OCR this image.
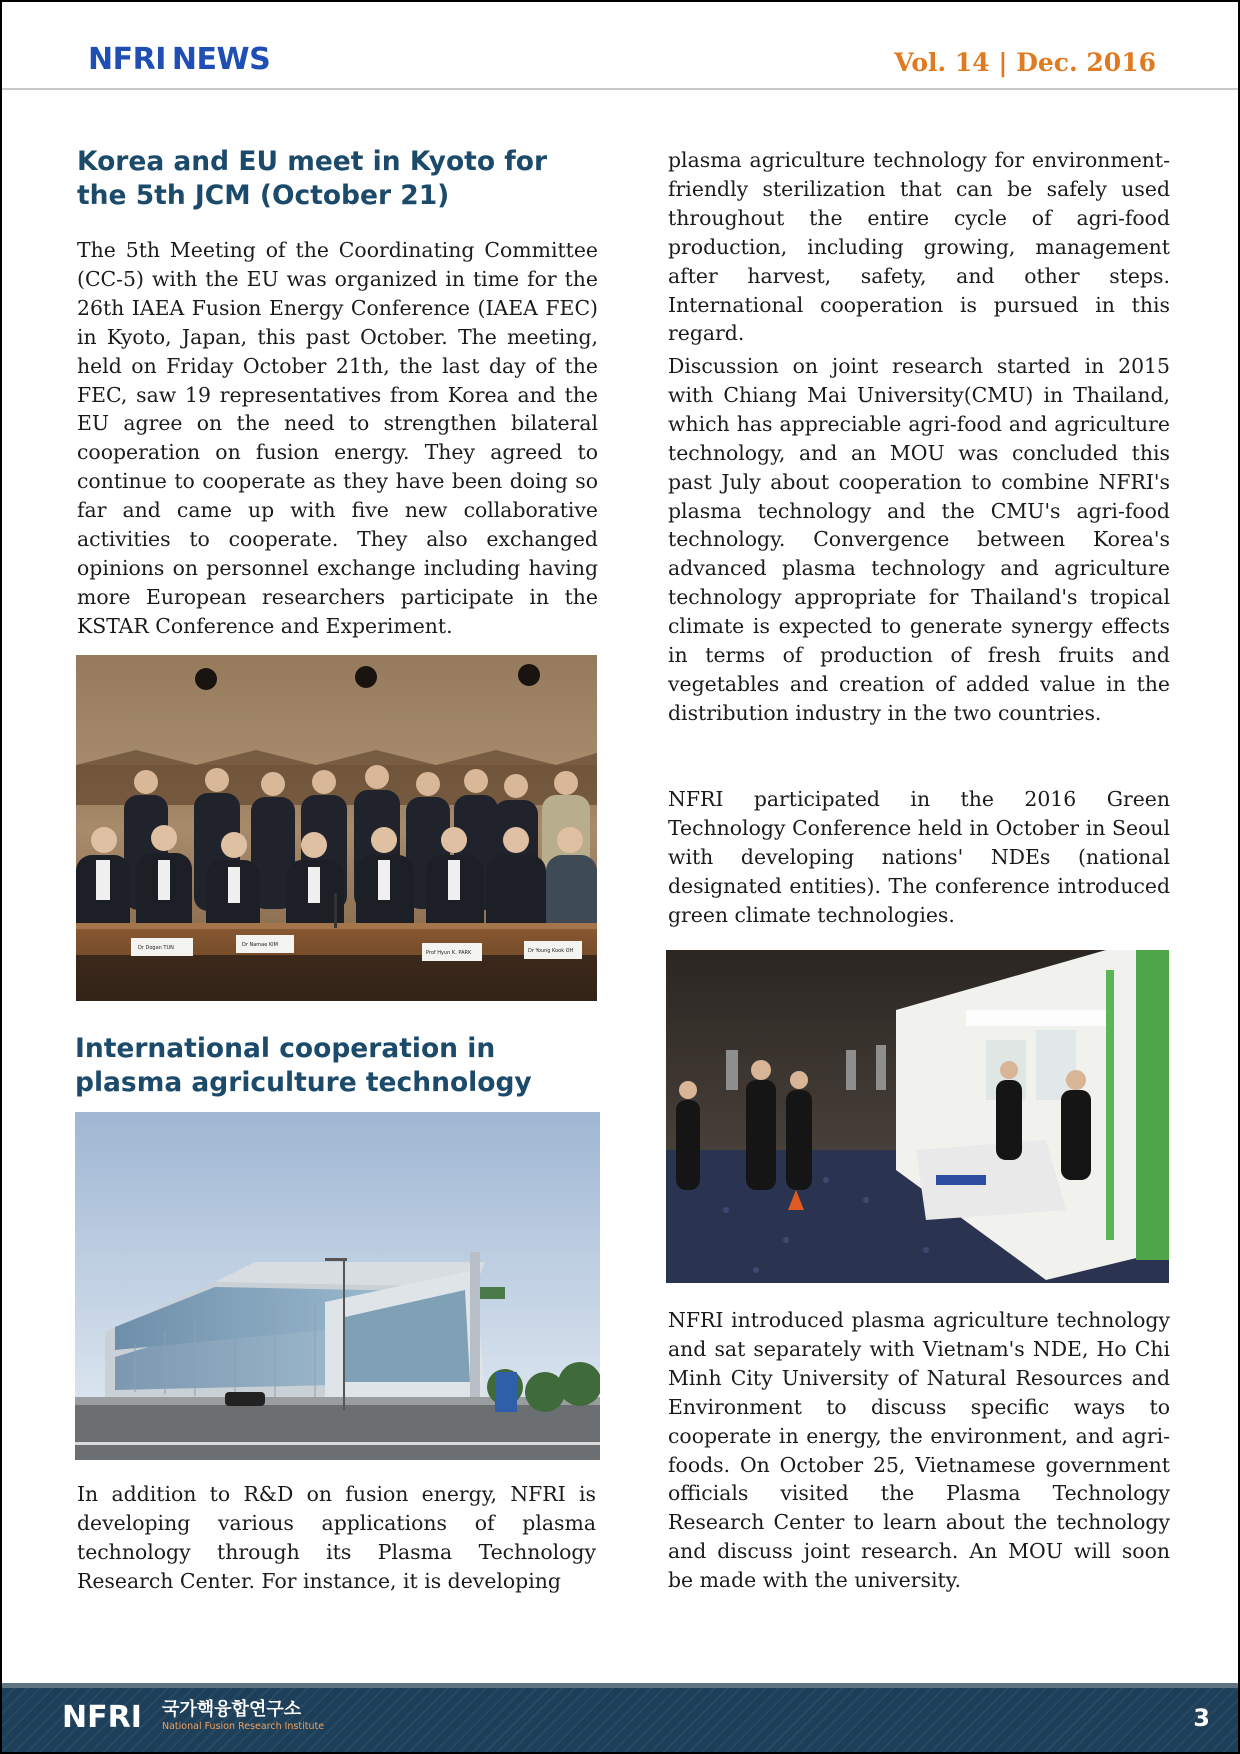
NFRI NEWS	Vol. 14 | Dec. 2016
Korea and EU meet in Kyoto for the 5th JCM (October 21)

The 5th Meeting of the Coordinating Committee (CC-5) with the EU was organized in time for the 26th IAEA Fusion Energy Conference (IAEA FEC) in Kyoto, Japan, this past October. The meeting, held on Friday October 21th, the last day of the FEC, saw 19 representatives from Korea and the EU agree on the need to strengthen bilateral cooperation on fusion energy. They agreed to continue to cooperate as they have been doing so far and came up with five new collaborative activities to cooperate. They also exchanged opinions on personnel exchange including having more European researchers participate in the KSTAR Conference and Experiment.

Dr Dogan TUN	Dr Namae KIM
Prof Hyun K. PARK	Dr Young Kook OH
International cooperation in plasma agriculture technology

In addition to R&D on fusion energy, NFRI is developing various applications of plasma technology through its Plasma Technology Research Center. For instance, it is developing

plasma agriculture technology for environment-friendly sterilization that can be safely used throughout the entire cycle of agri-food production, including growing, management after harvest, safety, and other steps. International cooperation is pursued in this regard.

Discussion on joint research started in 2015 with Chiang Mai University(CMU) in Thailand, which has appreciable agri-food and agriculture technology, and an MOU was concluded this past July about cooperation to combine NFRI's plasma technology and the CMU's agri-food technology. Convergence between Korea's advanced plasma technology and agriculture technology appropriate for Thailand's tropical climate is expected to generate synergy effects in terms of production of fresh fruits and vegetables and creation of added value in the distribution industry in the two countries.

NFRI participated in the 2016 Green Technology Conference held in October in Seoul with developing nations' NDEs (national designated entities). The conference introduced green climate technologies.

NFRI introduced plasma agriculture technology and sat separately with Vietnam's NDE, Ho Chi Minh City University of Natural Resources and Environment to discuss specific ways to cooperate in energy, the environment, and agri-foods. On October 25, Vietnamese government officials visited the Plasma Technology Research Center to learn about the technology and discuss joint research. An MOU will soon be made with the university.

NFRI 국가핵융합연구소
National Fusion Research Institute	3
